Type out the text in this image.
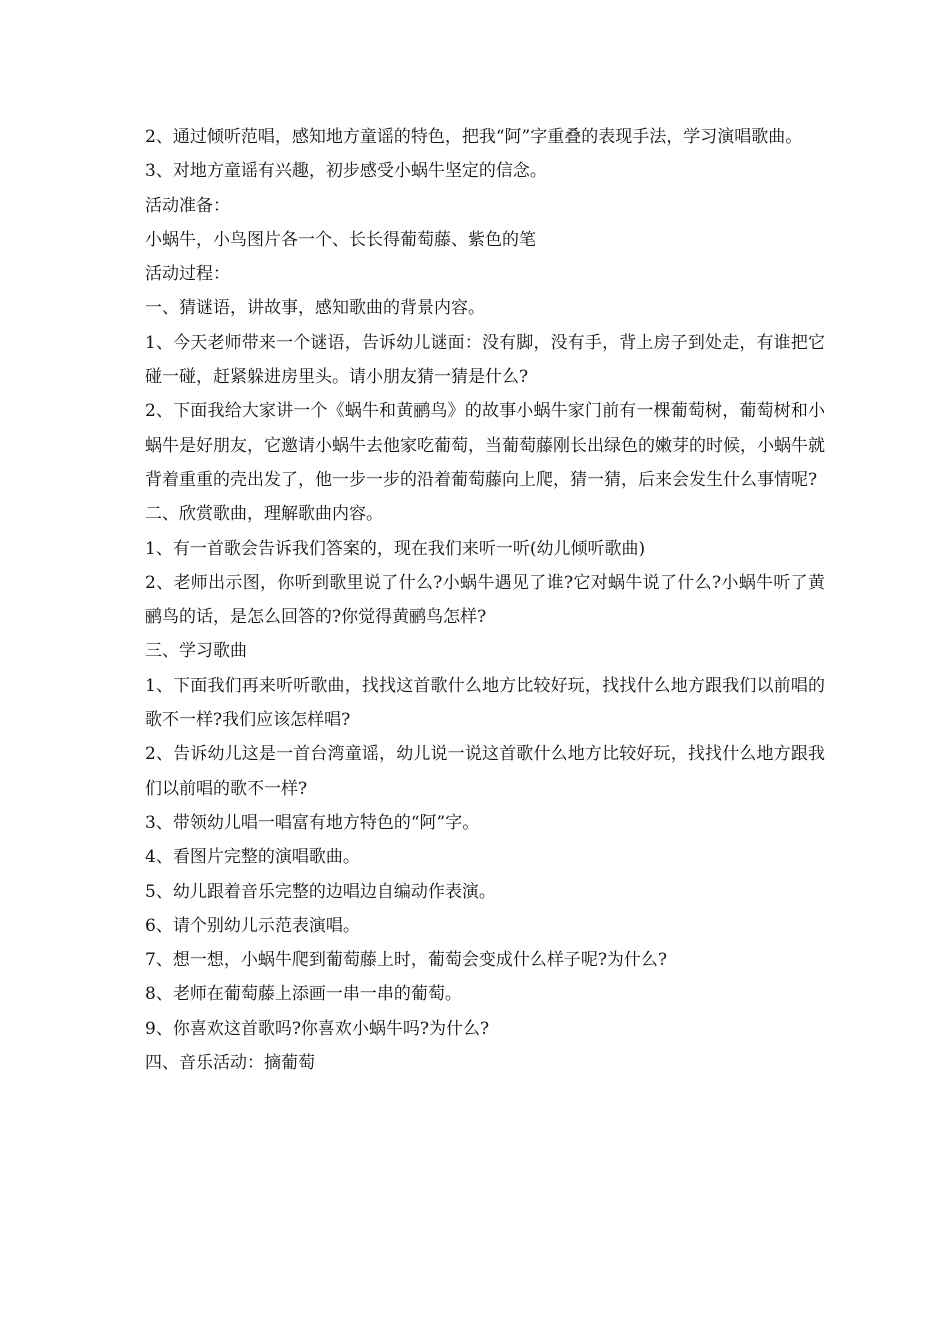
2、通过倾听范唱，感知地方童谣的特色，把我“阿”字重叠的表现手法，学习演唱歌曲。

3、对地方童谣有兴趣，初步感受小蜗牛坚定的信念。

活动准备：

小蜗牛，小鸟图片各一个、长长得葡萄藤、紫色的笔

活动过程：

一、猜谜语，讲故事，感知歌曲的背景内容。

1、今天老师带来一个谜语，告诉幼儿谜面：没有脚，没有手，背上房子到处走，有谁把它碰一碰，赶紧躲进房里头。请小朋友猜一猜是什么?

2、下面我给大家讲一个《蜗牛和黄鹂鸟》的故事小蜗牛家门前有一棵葡萄树，葡萄树和小蜗牛是好朋友，它邀请小蜗牛去他家吃葡萄，当葡萄藤刚长出绿色的嫩芽的时候，小蜗牛就背着重重的壳出发了，他一步一步的沿着葡萄藤向上爬，猜一猜，后来会发生什么事情呢?

二、欣赏歌曲，理解歌曲内容。

1、有一首歌会告诉我们答案的，现在我们来听一听(幼儿倾听歌曲)

2、老师出示图，你听到歌里说了什么?小蜗牛遇见了谁?它对蜗牛说了什么?小蜗牛听了黄鹂鸟的话，是怎么回答的?你觉得黄鹂鸟怎样?

三、学习歌曲

1、下面我们再来听听歌曲，找找这首歌什么地方比较好玩，找找什么地方跟我们以前唱的歌不一样?我们应该怎样唱?

2、告诉幼儿这是一首台湾童谣，幼儿说一说这首歌什么地方比较好玩，找找什么地方跟我们以前唱的歌不一样?

3、带领幼儿唱一唱富有地方特色的“阿”字。

4、看图片完整的演唱歌曲。

5、幼儿跟着音乐完整的边唱边自编动作表演。

6、请个别幼儿示范表演唱。

7、想一想，小蜗牛爬到葡萄藤上时，葡萄会变成什么样子呢?为什么?

8、老师在葡萄藤上添画一串一串的葡萄。

9、你喜欢这首歌吗?你喜欢小蜗牛吗?为什么?

四、音乐活动：摘葡萄
